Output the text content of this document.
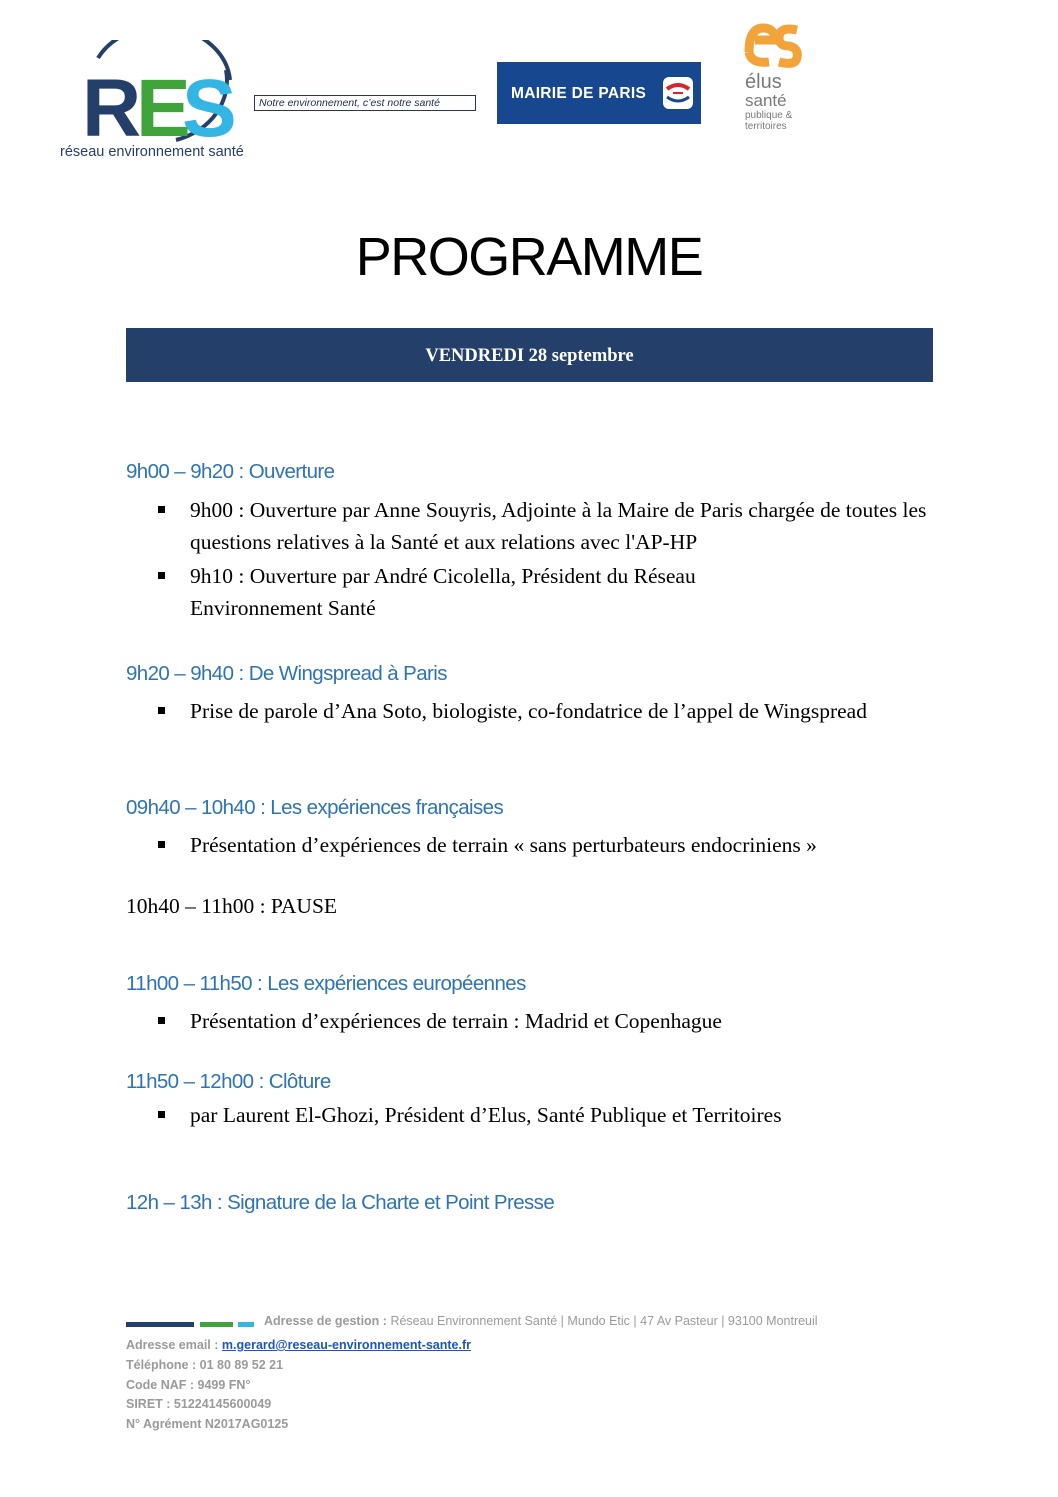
R
E
S
réseau environnement santé
Notre environnement, c’est notre santé
MAIRIE DE PARIS
élus
santé
publique &
territoires
PROGRAMME
VENDREDI 28 septembre
9h00 – 9h20 : Ouverture
9h00 : Ouverture par Anne Souyris, Adjointe à la Maire de Paris chargée de toutes les questions relatives à la Santé et aux relations avec l'AP-HP
9h10 : Ouverture par André Cicolella, Président du Réseau Environnement Santé
9h20 – 9h40 : De Wingspread à Paris
Prise de parole d’Ana Soto, biologiste, co-fondatrice de l’appel de Wingspread
09h40 – 10h40 : Les expériences françaises
Présentation d’expériences de terrain « sans perturbateurs endocriniens »
10h40 – 11h00 : PAUSE
11h00 – 11h50 : Les expériences européennes
Présentation d’expériences de terrain : Madrid et Copenhague
11h50 – 12h00 : Clôture
par Laurent El-Ghozi, Président d’Elus, Santé Publique et Territoires
12h – 13h : Signature de la Charte et Point Presse
Adresse de gestion : Réseau Environnement Santé | Mundo Etic | 47 Av Pasteur | 93100 Montreuil
Adresse email : m.gerard@reseau-environnement-sante.fr
Téléphone : 01 80 89 52 21
Code NAF : 9499 FN°
SIRET : 51224145600049
N° Agrément N2017AG0125
